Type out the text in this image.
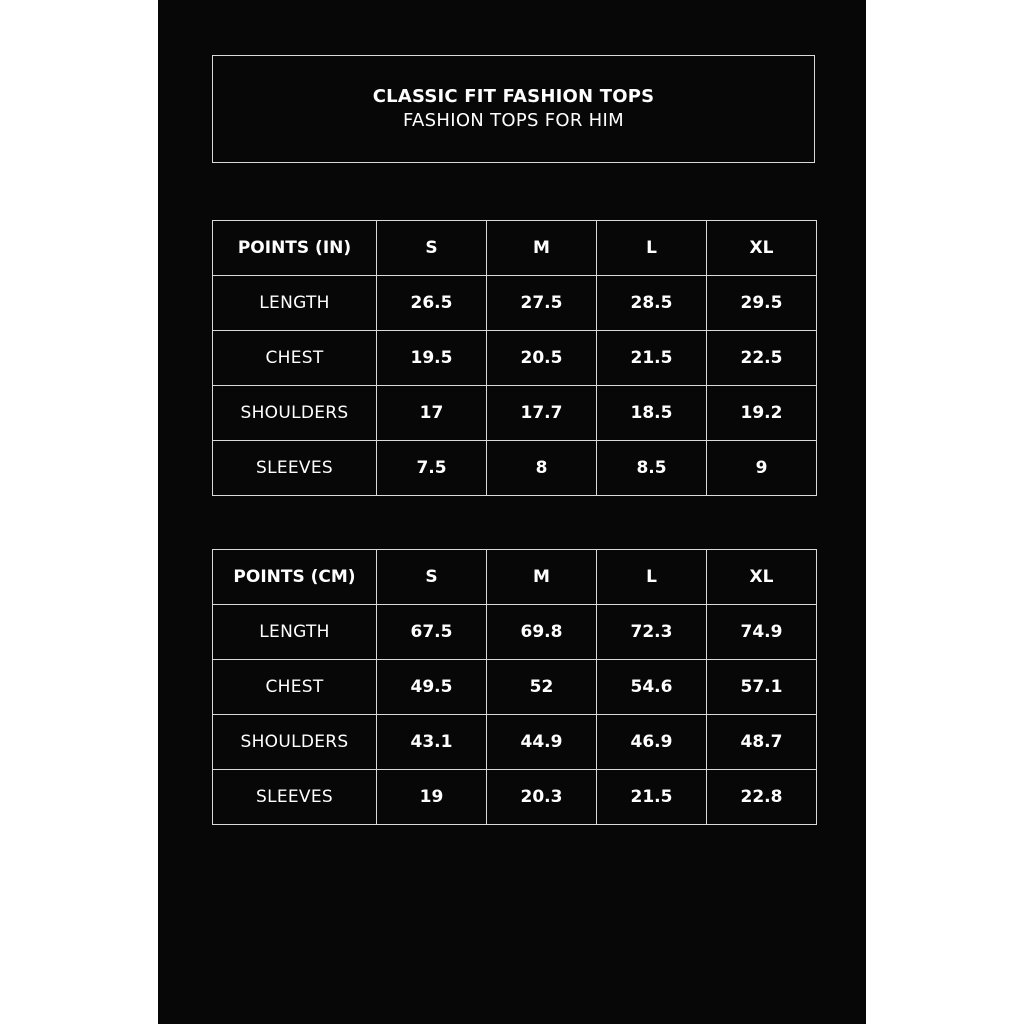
CLASSIC FIT FASHION TOPS
FASHION TOPS FOR HIM
POINTS (IN)	S	M	L	XL
LENGTH	26.5	27.5	28.5	29.5
CHEST	19.5	20.5	21.5	22.5
SHOULDERS	17	17.7	18.5	19.2
SLEEVES	7.5	8	8.5	9
POINTS (CM)	S	M	L	XL
LENGTH	67.5	69.8	72.3	74.9
CHEST	49.5	52	54.6	57.1
SHOULDERS	43.1	44.9	46.9	48.7
SLEEVES	19	20.3	21.5	22.8
